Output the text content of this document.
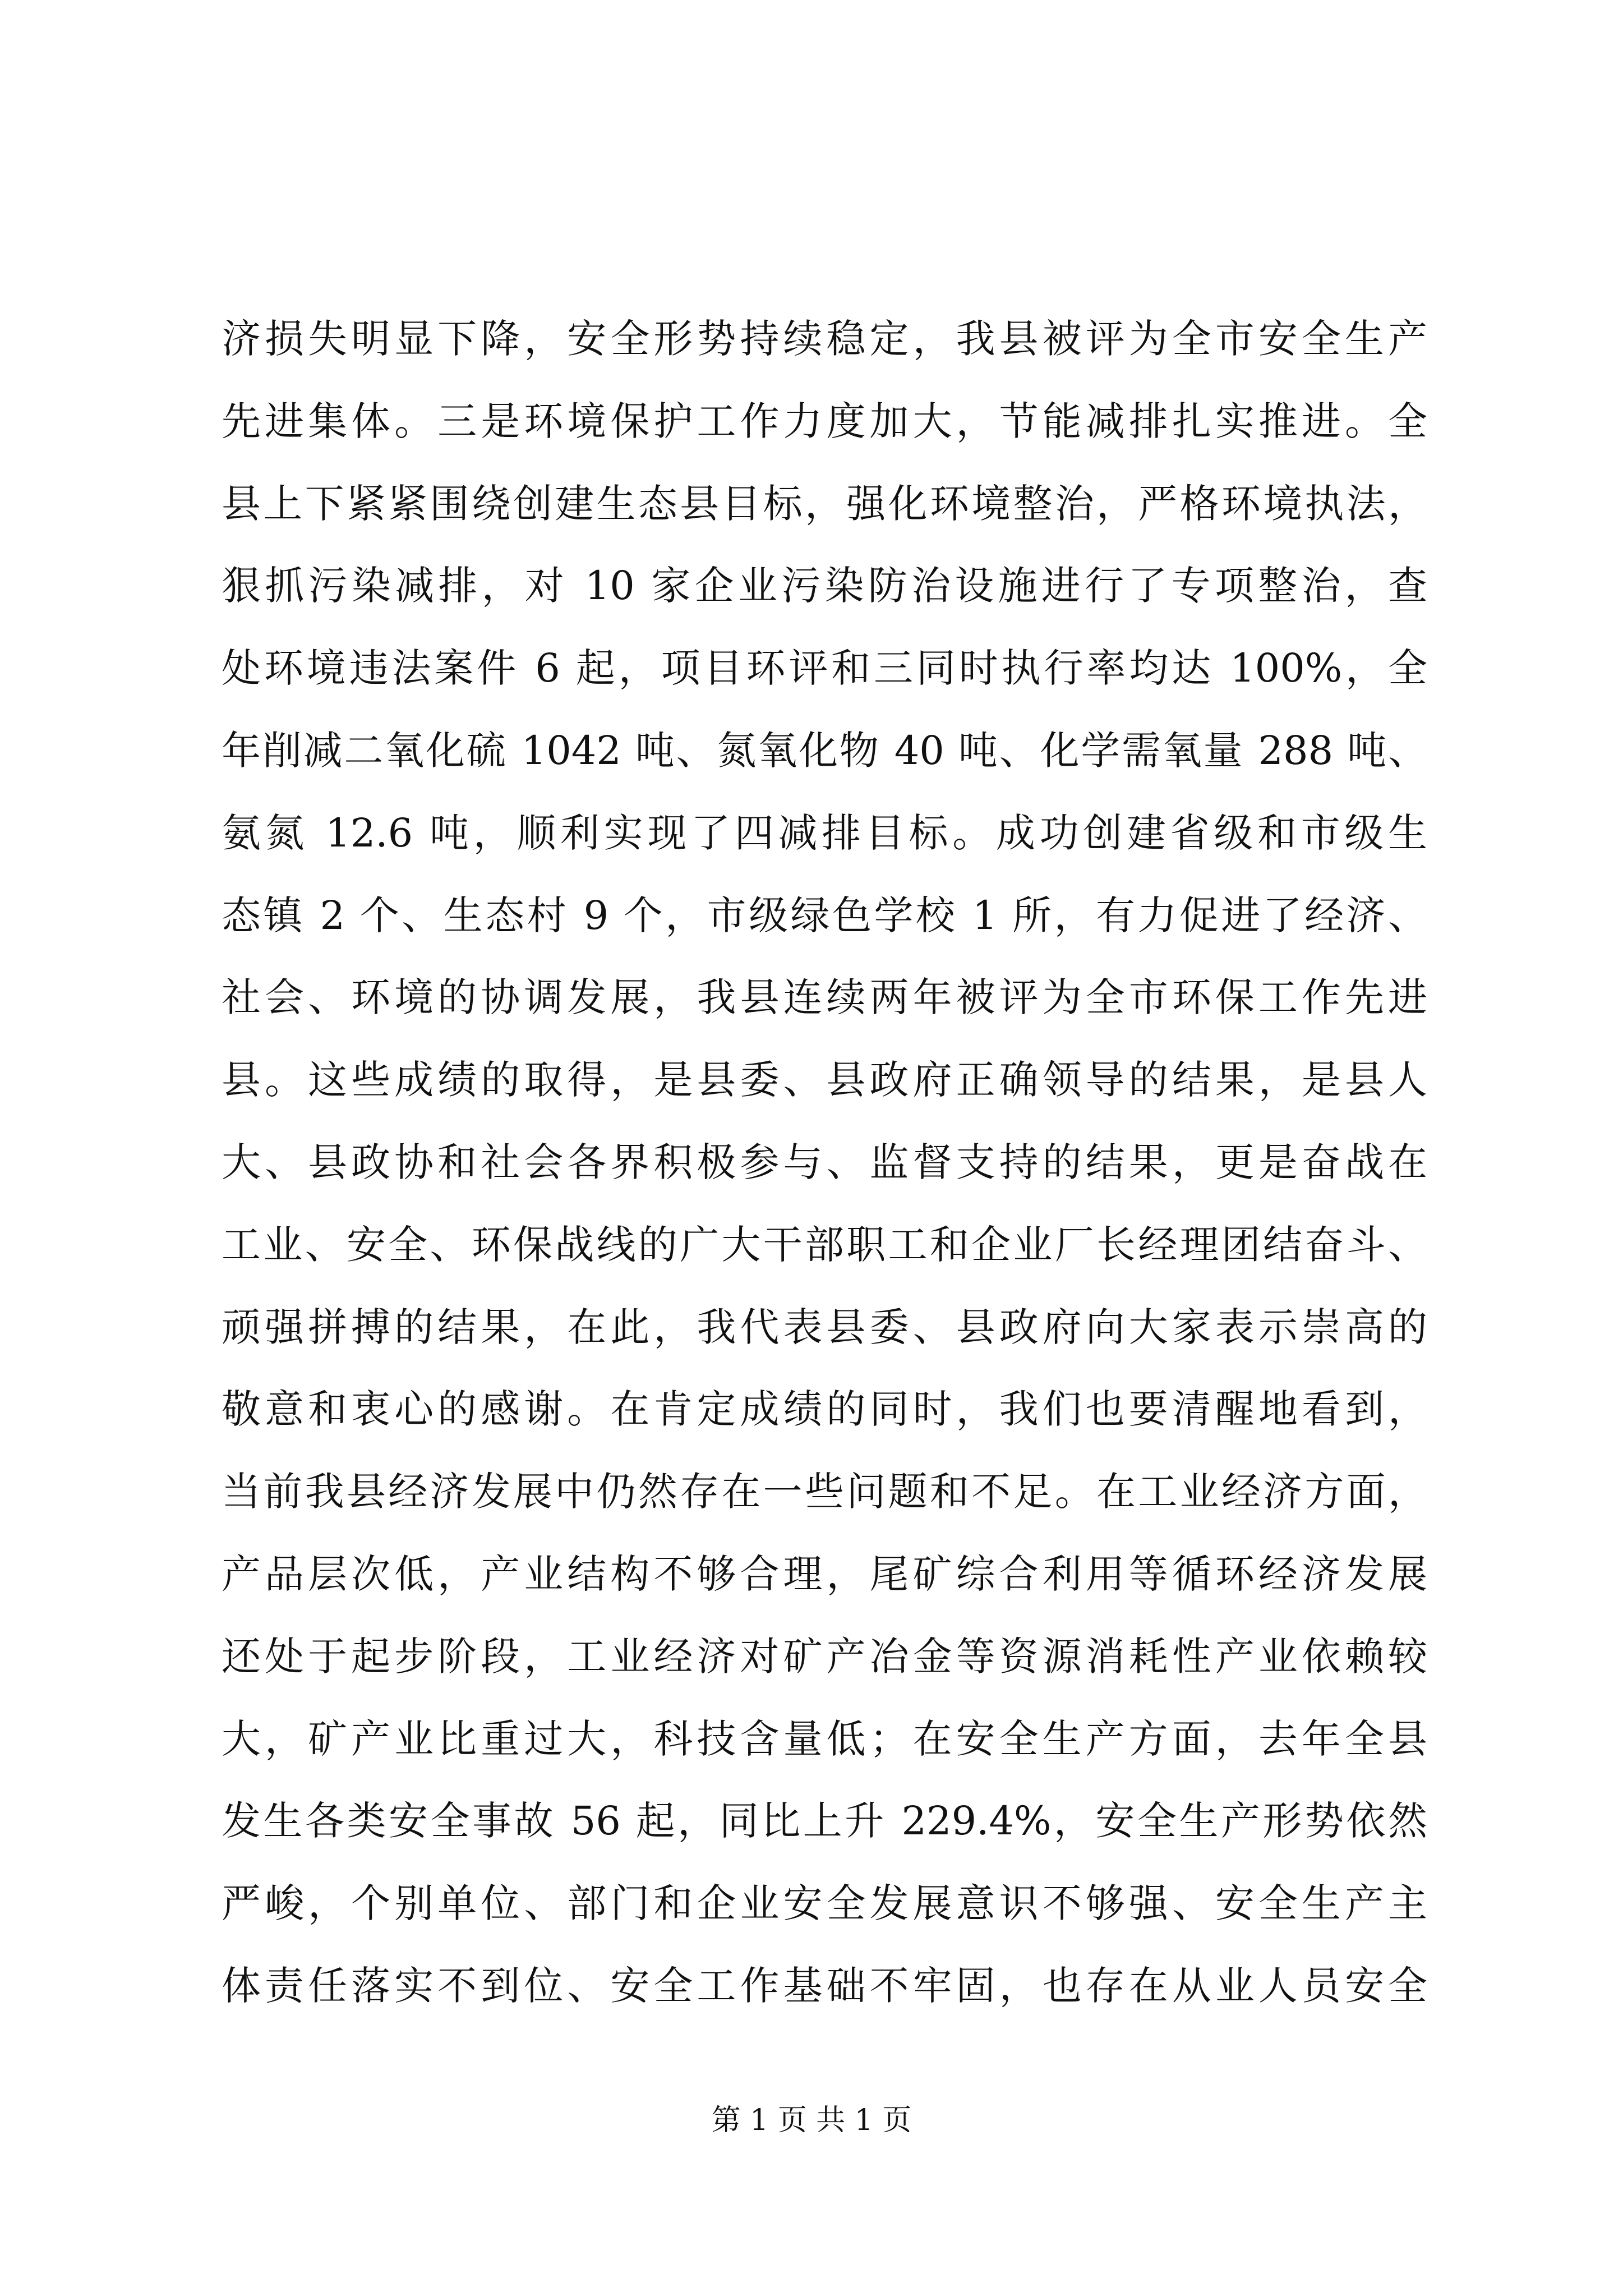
济损失明显下降，安全形势持续稳定，我县被评为全市安全生产
先进集体。三是环境保护工作力度加大，节能减排扎实推进。全
县上下紧紧围绕创建生态县目标，强化环境整治，严格环境执法，
狠抓污染减排，对 10 家企业污染防治设施进行了专项整治，查
处环境违法案件 6 起，项目环评和三同时执行率均达 100%，全
年削减二氧化硫 1042 吨、氮氧化物 40 吨、化学需氧量 288 吨、
氨氮 12.6 吨，顺利实现了四减排目标。成功创建省级和市级生
态镇 2 个、生态村 9 个，市级绿色学校 1 所，有力促进了经济、
社会、环境的协调发展，我县连续两年被评为全市环保工作先进
县。这些成绩的取得，是县委、县政府正确领导的结果，是县人
大、县政协和社会各界积极参与、监督支持的结果，更是奋战在
工业、安全、环保战线的广大干部职工和企业厂长经理团结奋斗、
顽强拼搏的结果，在此，我代表县委、县政府向大家表示崇高的
敬意和衷心的感谢。在肯定成绩的同时，我们也要清醒地看到，
当前我县经济发展中仍然存在一些问题和不足。在工业经济方面，
产品层次低，产业结构不够合理，尾矿综合利用等循环经济发展
还处于起步阶段，工业经济对矿产冶金等资源消耗性产业依赖较
大，矿产业比重过大，科技含量低；在安全生产方面，去年全县
发生各类安全事故 56 起，同比上升 229.4%，安全生产形势依然
严峻，个别单位、部门和企业安全发展意识不够强、安全生产主
体责任落实不到位、安全工作基础不牢固，也存在从业人员安全
第 1 页 共 1 页
